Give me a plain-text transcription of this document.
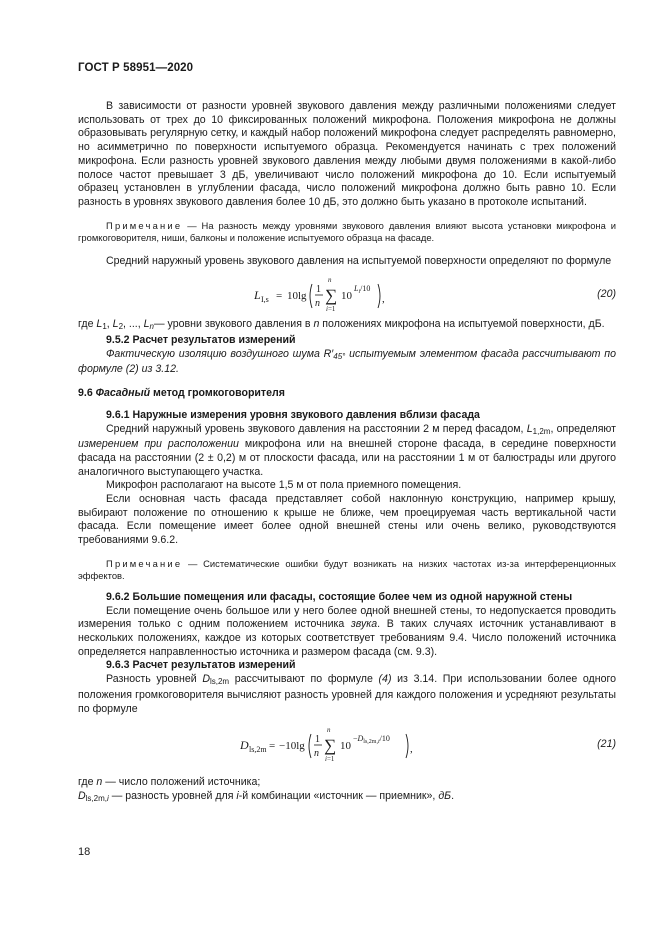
ГОСТ Р 58951—2020

В зависимости от разности уровней звукового давления между различными положениями следует использовать от трех до 10 фиксированных положений микрофона. Положения микрофона не должны образовывать регулярную сетку, и каждый набор положений микрофона следует распределять равномерно, но асимметрично по поверхности испытуемого образца. Рекомендуется начинать с трех положений микрофона. Если разность уровней звукового давления между любыми двумя положениями в какой-либо полосе частот превышает 3 дБ, увеличивают число положений микрофона до 10. Если испытуемый образец установлен в углублении фасада, число положений микрофона должно быть равно 10. Если разность в уровнях звукового давления более 10 дБ, это должно быть указано в протоколе испытаний.

Примечание — На разность между уровнями звукового давления влияют высота установки микрофона и громкоговорителя, ниши, балконы и положение испытуемого образца на фасаде.

Средний наружный уровень звукового давления на испытуемой поверхности определяют по формуле

L I,s = 10lg
1
n
n
∑
i=1
10
$L_i/10$
,	(20)
где $L_1$, $L_2$, ..., $L_n$ — уровни звукового давления в n положениях микрофона на испытуемой поверхности, дБ.

9.5.2 Расчет результатов измерений

Фактическую изоляцию воздушного шума $R'_{45^\circ}$ испытуемым элементом фасада рассчитывают по формуле (2) из 3.12.

9.6 Фасадный метод громкоговорителя

9.6.1 Наружные измерения уровня звукового давления вблизи фасада

Средний наружный уровень звукового давления на расстоянии 2 м перед фасадом, $L_{1,2m}$, определяют измерением при расположении микрофона или на внешней стороне фасада, в середине поверхности фасада на расстоянии (2 ± 0,2) м от плоскости фасада, или на расстоянии 1 м от балюстрады или другого аналогичного выступающего участка.

Микрофон располагают на высоте 1,5 м от пола приемного помещения.

Если основная часть фасада представляет собой наклонную конструкцию, например крышу, выбирают положение по отношению к крыше не ближе, чем проецируемая часть вертикальной части фасада. Если помещение имеет более одной внешней стены или очень велико, руководствуются требованиями 9.6.2.

Примечание — Систематические ошибки будут возникать на низких частотах из-за интерференционных эффектов.

9.6.2 Большие помещения или фасады, состоящие более чем из одной наружной стены

Если помещение очень большое или у него более одной внешней стены, то недопускается проводить измерения только с одним положением источника звука. В таких случаях источник устанавливают в нескольких положениях, каждое из которых соответствует требованиям 9.4. Число положений источника определяется направленностью источника и размером фасада (см. 9.3).

9.6.3 Расчет результатов измерений

Разность уровней $D_{ls,2m}$ рассчитывают по формуле (4) из 3.14. При использовании более одного положения громкоговорителя вычисляют разность уровней для каждого положения и усредняют результаты по формуле

D ls,2m = −10lg
1
n
n
∑
i=1
10
$-D_{ls,2m,i}/10$
,	(21)

где n — число положений источника;

$D_{ls,2m,i}$ — разность уровней для i-й комбинации «источник — приемник», дБ.

18
